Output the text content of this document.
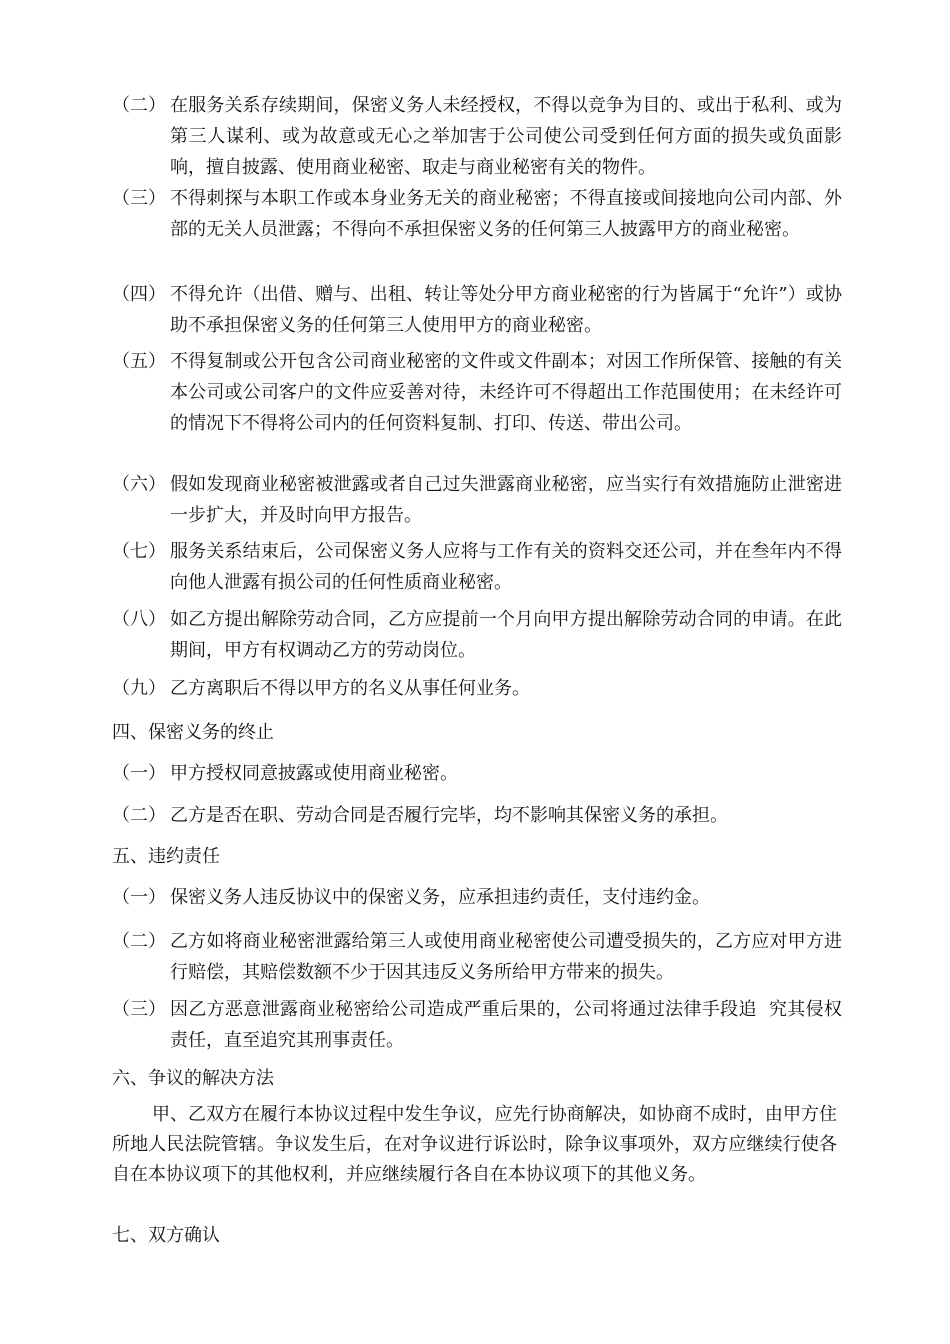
（二） 在服务关系存续期间，保密义务人未经授权，不得以竞争为目的、或出于私利、或为第三人谋利、或为故意或无心之举加害于公司使公司受到任何方面的损失或负面影响，擅自披露、使用商业秘密、取走与商业秘密有关的物件。
（三） 不得刺探与本职工作或本身业务无关的商业秘密；不得直接或间接地向公司内部、外部的无关人员泄露；不得向不承担保密义务的任何第三人披露甲方的商业秘密。
（四） 不得允许（出借、赠与、出租、转让等处分甲方商业秘密的行为皆属于“允许”）或协助不承担保密义务的任何第三人使用甲方的商业秘密。
（五） 不得复制或公开包含公司商业秘密的文件或文件副本；对因工作所保管、接触的有关本公司或公司客户的文件应妥善对待，未经许可不得超出工作范围使用；在未经许可的情况下不得将公司内的任何资料复制、打印、传送、带出公司。
（六） 假如发现商业秘密被泄露或者自己过失泄露商业秘密，应当实行有效措施防止泄密进一步扩大，并及时向甲方报告。
（七） 服务关系结束后，公司保密义务人应将与工作有关的资料交还公司，并在叁年内不得向他人泄露有损公司的任何性质商业秘密。
（八） 如乙方提出解除劳动合同，乙方应提前一个月向甲方提出解除劳动合同的申请。在此期间，甲方有权调动乙方的劳动岗位。
（九） 乙方离职后不得以甲方的名义从事任何业务。
四、保密义务的终止
（一） 甲方授权同意披露或使用商业秘密。
（二） 乙方是否在职、劳动合同是否履行完毕，均不影响其保密义务的承担。
五、违约责任
（一） 保密义务人违反协议中的保密义务，应承担违约责任，支付违约金。
（二） 乙方如将商业秘密泄露给第三人或使用商业秘密使公司遭受损失的，乙方应对甲方进行赔偿，其赔偿数额不少于因其违反义务所给甲方带来的损失。
（三） 因乙方恶意泄露商业秘密给公司造成严重后果的，公司将通过法律手段追  究其侵权责任，直至追究其刑事责任。
六、争议的解决方法
甲、乙双方在履行本协议过程中发生争议，应先行协商解决，如协商不成时，由甲方住所地人民法院管辖。争议发生后，在对争议进行诉讼时，除争议事项外，双方应继续行使各自在本协议项下的其他权利，并应继续履行各自在本协议项下的其他义务。
七、双方确认
